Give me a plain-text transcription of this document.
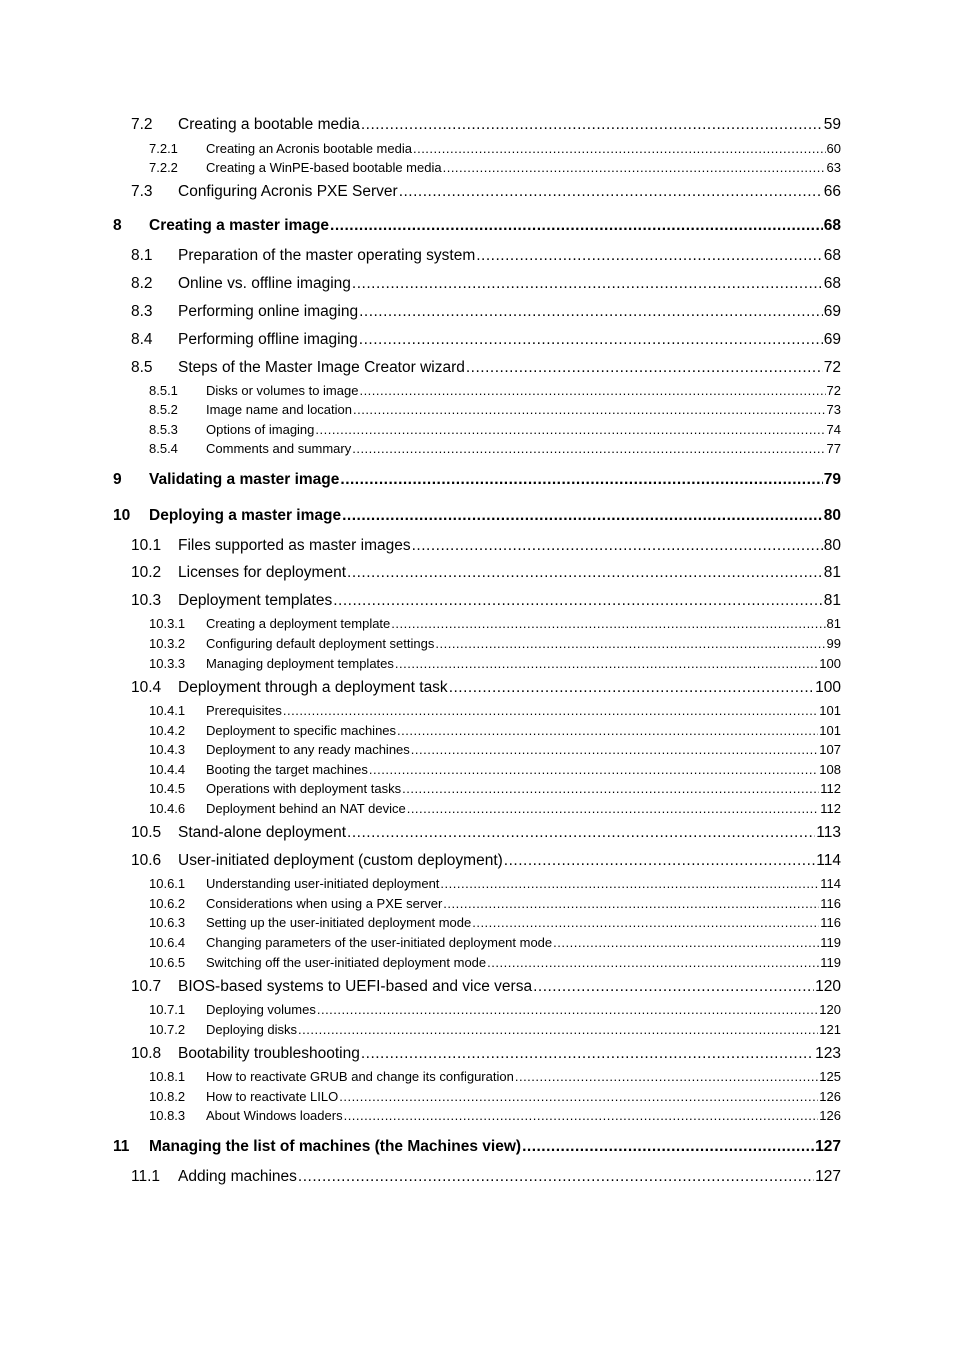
7.2	Creating a bootable media .....	59
7.2.1	Creating an Acronis bootable media .....	60
7.2.2	Creating a WinPE-based bootable media .....	63
7.3	Configuring Acronis PXE Server .....	66
8	Creating a master image .....	68
8.1	Preparation of the master operating system .....	68
8.2	Online vs. offline imaging .....	68
8.3	Performing online imaging .....	69
8.4	Performing offline imaging .....	69
8.5	Steps of the Master Image Creator wizard .....	72
8.5.1	Disks or volumes to image .....	72
8.5.2	Image name and location .....	73
8.5.3	Options of imaging .....	74
8.5.4	Comments and summary .....	77
9	Validating a master image .....	79
10	Deploying a master image .....	80
10.1	Files supported as master images .....	80
10.2	Licenses for deployment .....	81
10.3	Deployment templates .....	81
10.3.1	Creating a deployment template .....	81
10.3.2	Configuring default deployment settings .....	99
10.3.3	Managing deployment templates .....	100
10.4	Deployment through a deployment task .....	100
10.4.1	Prerequisites .....	101
10.4.2	Deployment to specific machines .....	101
10.4.3	Deployment to any ready machines .....	107
10.4.4	Booting the target machines .....	108
10.4.5	Operations with deployment tasks .....	112
10.4.6	Deployment behind an NAT device .....	112
10.5	Stand-alone deployment .....	113
10.6	User-initiated deployment (custom deployment) .....	114
10.6.1	Understanding user-initiated deployment .....	114
10.6.2	Considerations when using a PXE server .....	116
10.6.3	Setting up the user-initiated deployment mode .....	116
10.6.4	Changing parameters of the user-initiated deployment mode .....	119
10.6.5	Switching off the user-initiated deployment mode .....	119
10.7	BIOS-based systems to UEFI-based and vice versa .....	120
10.7.1	Deploying volumes .....	120
10.7.2	Deploying disks .....	121
10.8	Bootability troubleshooting .....	123
10.8.1	How to reactivate GRUB and change its configuration .....	125
10.8.2	How to reactivate LILO .....	126
10.8.3	About Windows loaders .....	126
11	Managing the list of machines (the Machines view) .....	127
11.1	Adding machines .....	127
